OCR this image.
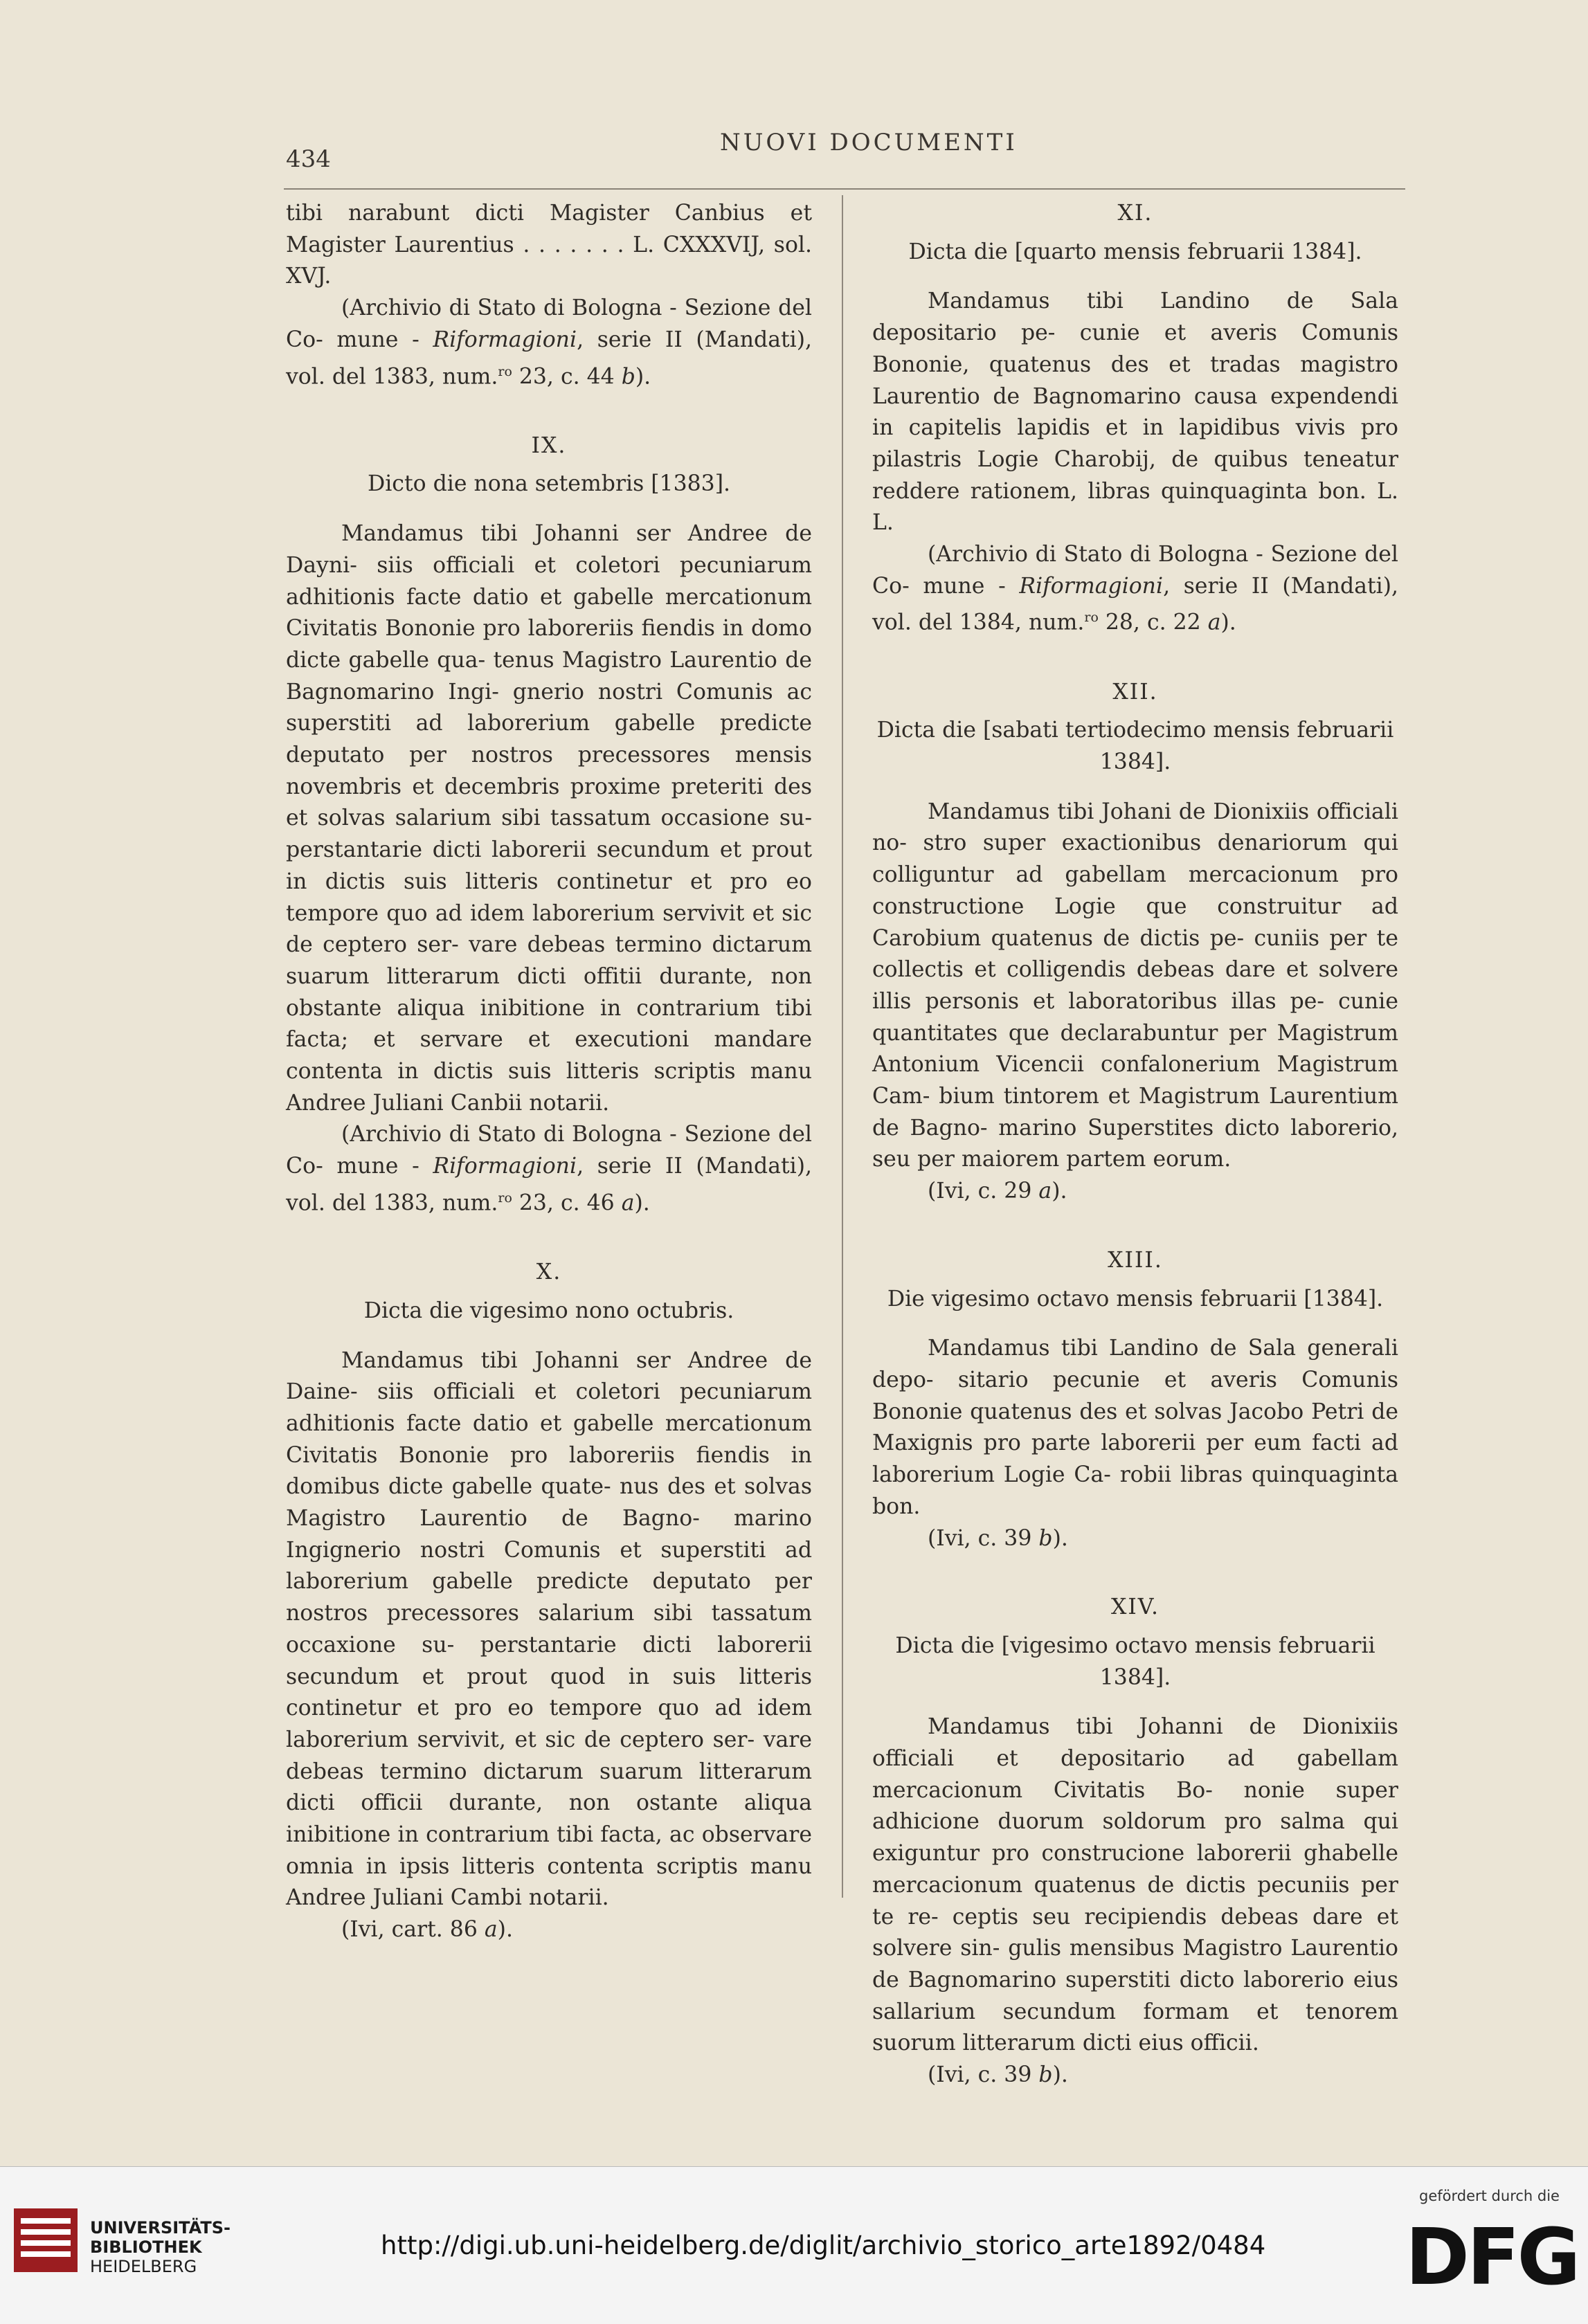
434
NUOVI DOCUMENTI

tibi narabunt dicti Magister Canbius et Magister Laurentius . . . . . . . L. CXXXVIJ, sol. XVJ.

(Archivio di Stato di Bologna - Sezione del Co- mune - Riformagioni, serie II (Mandati), vol. del 1383, num.$^{ro}$ 23, c. 44 b).

IX.
Dicto die nona setembris [1383].

Mandamus tibi Johanni ser Andree de Dayni- siis officiali et coletori pecuniarum adhitionis facte datio et gabelle mercationum Civitatis Bononie pro laboreriis fiendis in domo dicte gabelle qua- tenus Magistro Laurentio de Bagnomarino Ingi- gnerio nostri Comunis ac superstiti ad laborerium gabelle predicte deputato per nostros precessores mensis novembris et decembris proxime preteriti des et solvas salarium sibi tassatum occasione su- perstantarie dicti laborerii secundum et prout in dictis suis litteris continetur et pro eo tempore quo ad idem laborerium servivit et sic de ceptero ser- vare debeas termino dictarum suarum litterarum dicti offitii durante, non obstante aliqua inibitione in contrarium tibi facta; et servare et executioni mandare contenta in dictis suis litteris scriptis manu Andree Juliani Canbii notarii.

(Archivio di Stato di Bologna - Sezione del Co- mune - Riformagioni, serie II (Mandati), vol. del 1383, num.$^{ro}$ 23, c. 46 a).

X.
Dicta die vigesimo nono octubris.

Mandamus tibi Johanni ser Andree de Daine- siis officiali et coletori pecuniarum adhitionis facte datio et gabelle mercationum Civitatis Bononie pro laboreriis fiendis in domibus dicte gabelle quate- nus des et solvas Magistro Laurentio de Bagno- marino Ingignerio nostri Comunis et superstiti ad laborerium gabelle predicte deputato per nostros precessores salarium sibi tassatum occaxione su- perstantarie dicti laborerii secundum et prout quod in suis litteris continetur et pro eo tempore quo ad idem laborerium servivit, et sic de ceptero ser- vare debeas termino dictarum suarum litterarum dicti officii durante, non ostante aliqua inibitione in contrarium tibi facta, ac observare omnia in ipsis litteris contenta scriptis manu Andree Juliani Cambi notarii.

(Ivi, cart. 86 a).

XI.
Dicta die [quarto mensis februarii 1384].

Mandamus tibi Landino de Sala depositario pe- cunie et averis Comunis Bononie, quatenus des et tradas magistro Laurentio de Bagnomarino causa expendendi in capitelis lapidis et in lapidibus vivis pro pilastris Logie Charobij, de quibus teneatur reddere rationem, libras quinquaginta bon. L. L.

(Archivio di Stato di Bologna - Sezione del Co- mune - Riformagioni, serie II (Mandati), vol. del 1384, num.$^{ro}$ 28, c. 22 a).

XII.
Dicta die [sabati tertiodecimo mensis februarii 1384].

Mandamus tibi Johani de Dionixiis officiali no- stro super exactionibus denariorum qui colliguntur ad gabellam mercacionum pro constructione Logie que construitur ad Carobium quatenus de dictis pe- cuniis per te collectis et colligendis debeas dare et solvere illis personis et laboratoribus illas pe- cunie quantitates que declarabuntur per Magistrum Antonium Vicencii confalonerium Magistrum Cam- bium tintorem et Magistrum Laurentium de Bagno- marino Superstites dicto laborerio, seu per maiorem partem eorum.

(Ivi, c. 29 a).

XIII.
Die vigesimo octavo mensis februarii [1384].

Mandamus tibi Landino de Sala generali depo- sitario pecunie et averis Comunis Bononie quatenus des et solvas Jacobo Petri de Maxignis pro parte laborerii per eum facti ad laborerium Logie Ca- robii libras quinquaginta bon.

(Ivi, c. 39 b).

XIV.
Dicta die [vigesimo octavo mensis februarii 1384].

Mandamus tibi Johanni de Dionixiis officiali et depositario ad gabellam mercacionum Civitatis Bo- nonie super adhicione duorum soldorum pro salma qui exiguntur pro construcione laborerii ghabelle mercacionum quatenus de dictis pecuniis per te re- ceptis seu recipiendis debeas dare et solvere sin- gulis mensibus Magistro Laurentio de Bagnomarino superstiti dicto laborerio eius sallarium secundum formam et tenorem suorum litterarum dicti eius officii.

(Ivi, c. 39 b).

UNIVERSITÄTS-
BIBLIOTHEK
HEIDELBERG
http://digi.ub.uni-heidelberg.de/diglit/archivio_storico_arte1892/0484
gefördert durch die
DFG
